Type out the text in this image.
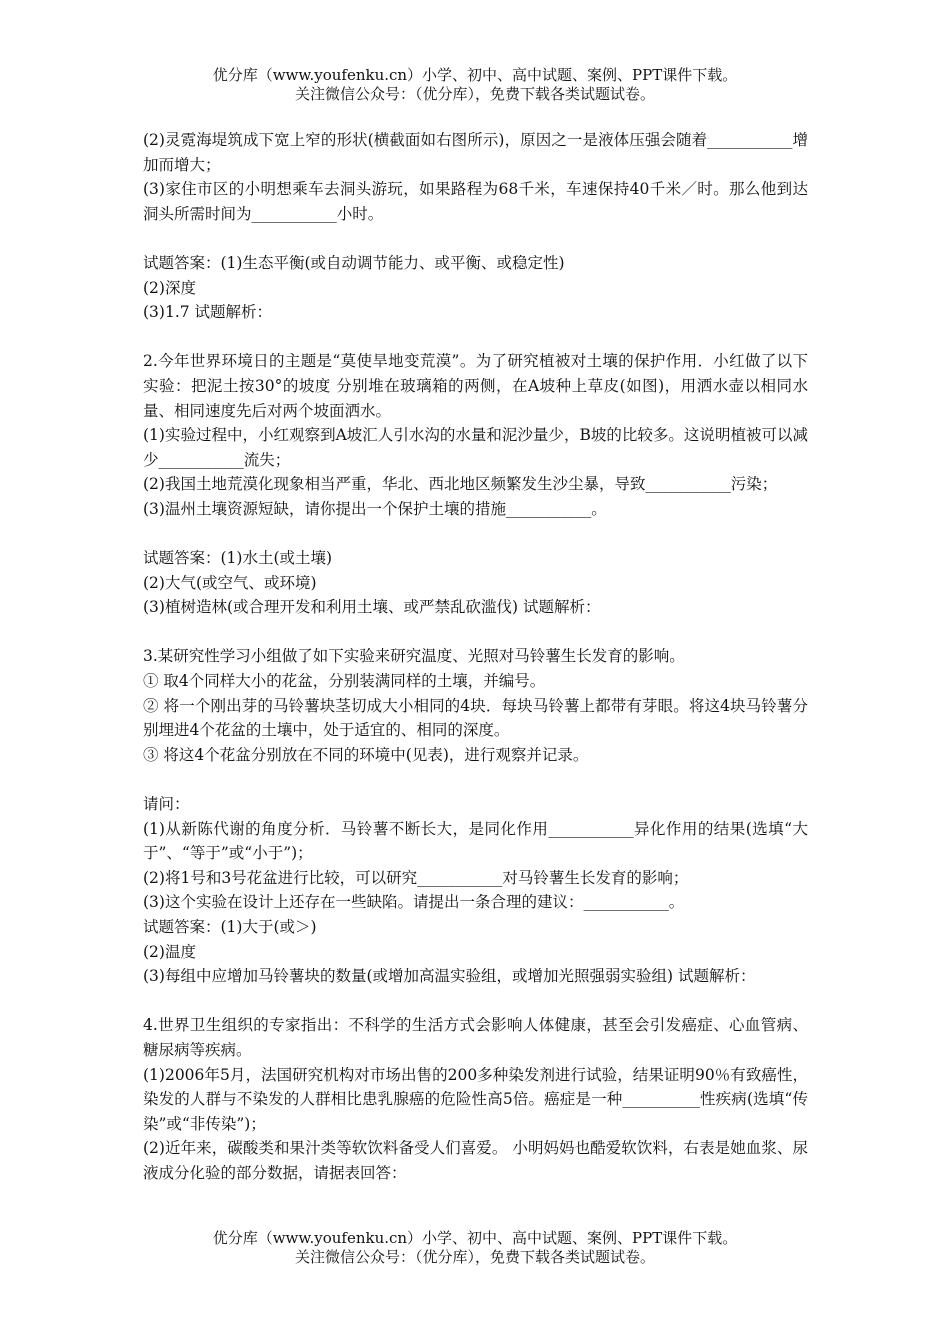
优分库（www.youfenku.cn）小学、初中、高中试题、案例、PPT课件下载。
关注微信公众号：（优分库），免费下载各类试题试卷。

(2)灵霓海堤筑成下宽上窄的形状(横截面如右图所示)，原因之一是液体压强会随着___________增加而增大；

(3)家住市区的小明想乘车去洞头游玩，如果路程为68千米，车速保持40千米／时。那么他到达洞头所需时间为___________小时。

试题答案：(1)生态平衡(或自动调节能力、或平衡、或稳定性)

(2)深度

(3)1.7 试题解析：

2.今年世界环境日的主题是“莫使旱地变荒漠”。为了研究植被对土壤的保护作用．小红做了以下实验：把泥土按30°的坡度 分别堆在玻璃箱的两侧，在A坡种上草皮(如图)，用洒水壶以相同水量、相同速度先后对两个坡面洒水。

(1)实验过程中，小红观察到A坡汇人引水沟的水量和泥沙量少，B坡的比较多。这说明植被可以减少___________流失；

(2)我国土地荒漠化现象相当严重，华北、西北地区频繁发生沙尘暴，导致___________污染；

(3)温州土壤资源短缺，请你提出一个保护土壤的措施___________。

试题答案：(1)水土(或土壤)

(2)大气(或空气、或环境)

(3)植树造林(或合理开发和利用土壤、或严禁乱砍滥伐) 试题解析：

3.某研究性学习小组做了如下实验来研究温度、光照对马铃薯生长发育的影响。

① 取4个同样大小的花盆，分别装满同样的土壤，并编号。

② 将一个刚出芽的马铃薯块茎切成大小相同的4块．每块马铃薯上都带有芽眼。将这4块马铃薯分别埋进4个花盆的土壤中，处于适宜的、相同的深度。

③ 将这4个花盆分别放在不同的环境中(见表)，进行观察并记录。

请问：

(1)从新陈代谢的角度分析．马铃薯不断长大，是同化作用___________异化作用的结果(选填“大于”、“等于”或“小于”)；

(2)将1号和3号花盆进行比较，可以研究___________对马铃薯生长发育的影响；

(3)这个实验在设计上还存在一些缺陷。请提出一条合理的建议：___________。

试题答案：(1)大于(或＞)

(2)温度

(3)每组中应增加马铃薯块的数量(或增加高温实验组，或增加光照强弱实验组) 试题解析：

4.世界卫生组织的专家指出：不科学的生活方式会影响人体健康，甚至会引发癌症、心血管病、糖尿病等疾病。

(1)2006年5月，法国研究机构对市场出售的200多种染发剂进行试验，结果证明90％有致癌性，染发的人群与不染发的人群相比患乳腺癌的危险性高5倍。癌症是一种__________性疾病(选填“传染”或“非传染”)；

(2)近年来，碳酸类和果汁类等软饮料备受人们喜爱。 小明妈妈也酷爱软饮料，右表是她血浆、尿液成分化验的部分数据，请据表回答：

优分库（www.youfenku.cn）小学、初中、高中试题、案例、PPT课件下载。
关注微信公众号：（优分库），免费下载各类试题试卷。
